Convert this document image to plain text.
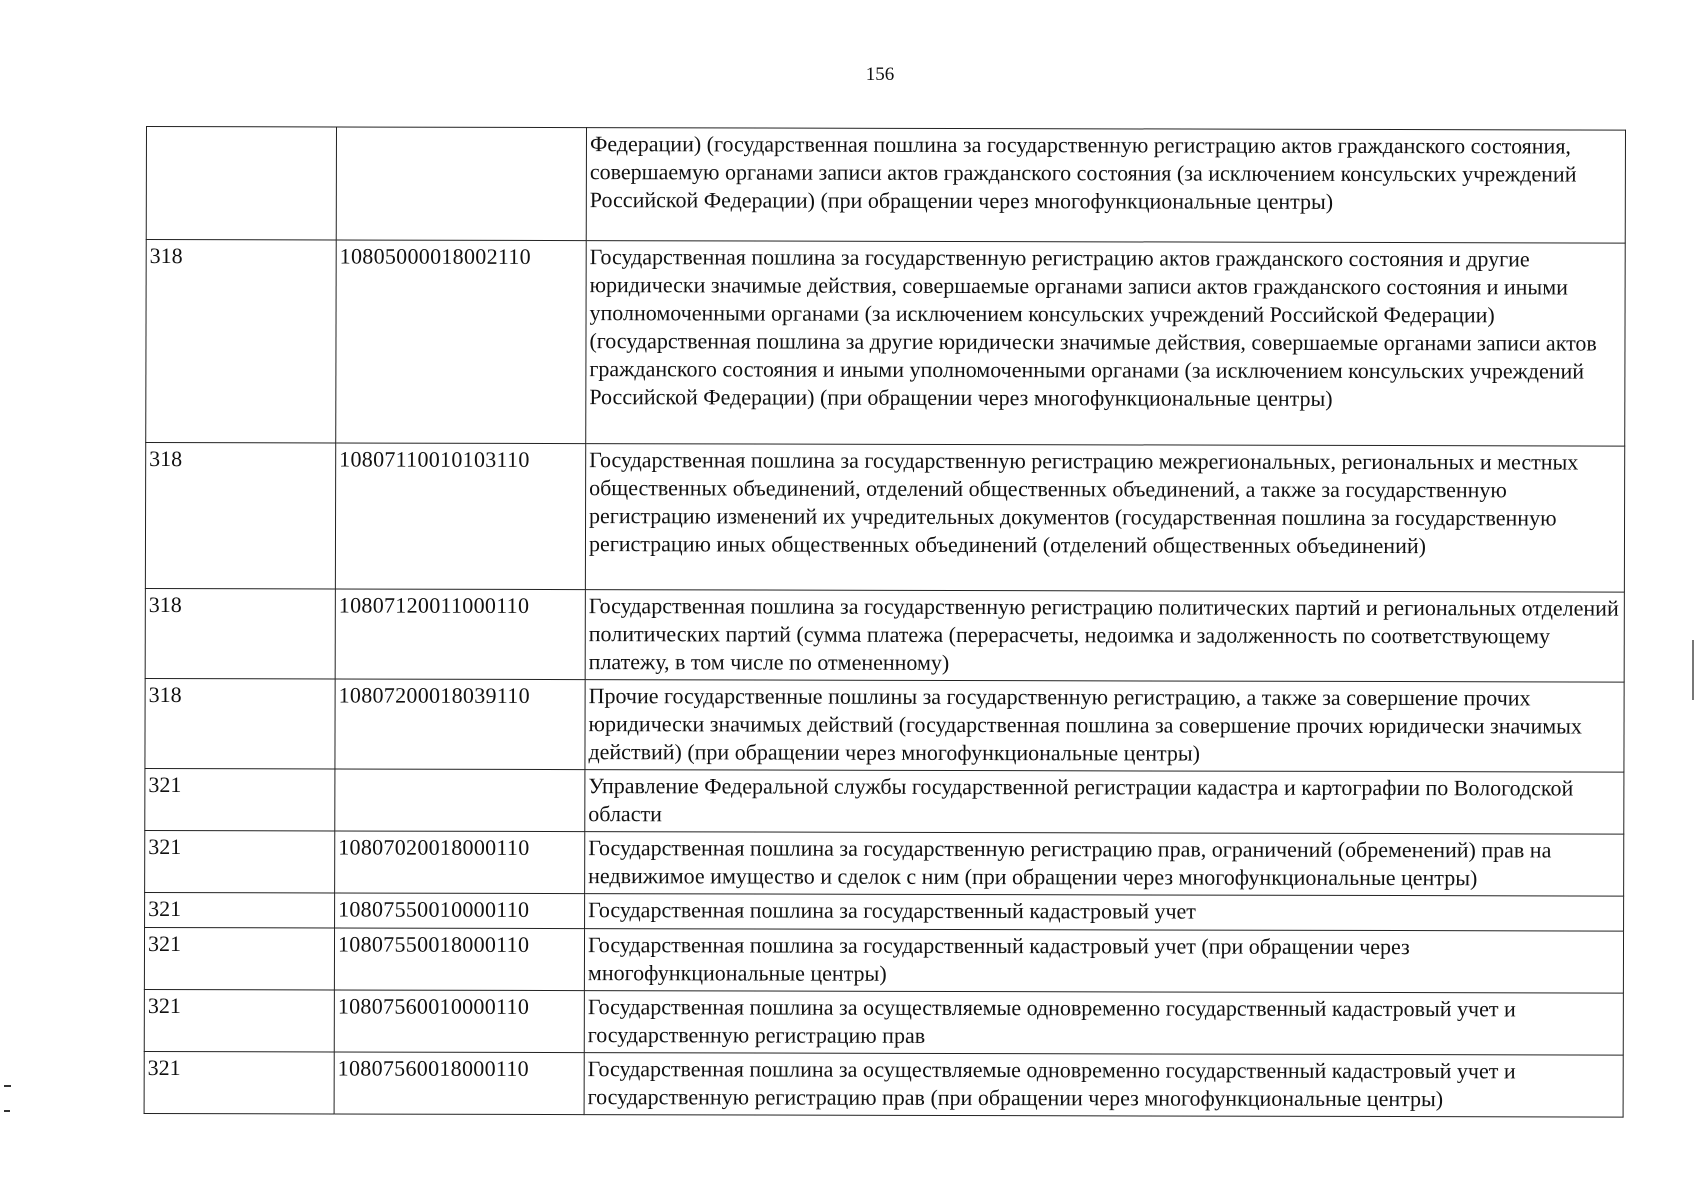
156
		Федерации) (государственная пошлина за государственную регистрацию актов гражданского состояния, совершаемую органами записи актов гражданского состояния (за исключением консульских учреждений Российской Федерации) (при обращении через многофункциональные центры)
318	10805000018002110	Государственная пошлина за государственную регистрацию актов гражданского состояния и другие юридически значимые действия, совершаемые органами записи актов гражданского состояния и иными уполномоченными органами (за исключением консульских учреждений Российской Федерации) (государственная пошлина за другие юридически значимые действия, совершаемые органами записи актов гражданского состояния и иными уполномоченными органами (за исключением консульских учреждений Российской Федерации) (при обращении через многофункциональные центры)
318	10807110010103110	Государственная пошлина за государственную регистрацию межрегиональных, региональных и местных общественных объединений, отделений общественных объединений, а также за государственную регистрацию изменений их учредительных документов (государственная пошлина за государственную регистрацию иных общественных объединений (отделений общественных объединений)
318	10807120011000110	Государственная пошлина за государственную регистрацию политических партий и региональных отделений политических партий (сумма платежа (перерасчеты, недоимка и задолженность по соответствующему платежу, в том числе по отмененному)
318	10807200018039110	Прочие государственные пошлины за государственную регистрацию, а также за совершение прочих юридически значимых действий (государственная пошлина за совершение прочих юридически значимых действий) (при обращении через многофункциональные центры)
321		Управление Федеральной службы государственной регистрации кадастра и картографии по Вологодской области
321	10807020018000110	Государственная пошлина за государственную регистрацию прав, ограничений (обременений) прав на недвижимое имущество и сделок с ним (при обращении через многофункциональные центры)
321	10807550010000110	Государственная пошлина за государственный кадастровый учет
321	10807550018000110	Государственная пошлина за государственный кадастровый учет (при обращении через многофункциональные центры)
321	10807560010000110	Государственная пошлина за осуществляемые одновременно государственный кадастровый учет и государственную регистрацию прав
321	10807560018000110	Государственная пошлина за осуществляемые одновременно государственный кадастровый учет и государственную регистрацию прав (при обращении через многофункциональные центры)
